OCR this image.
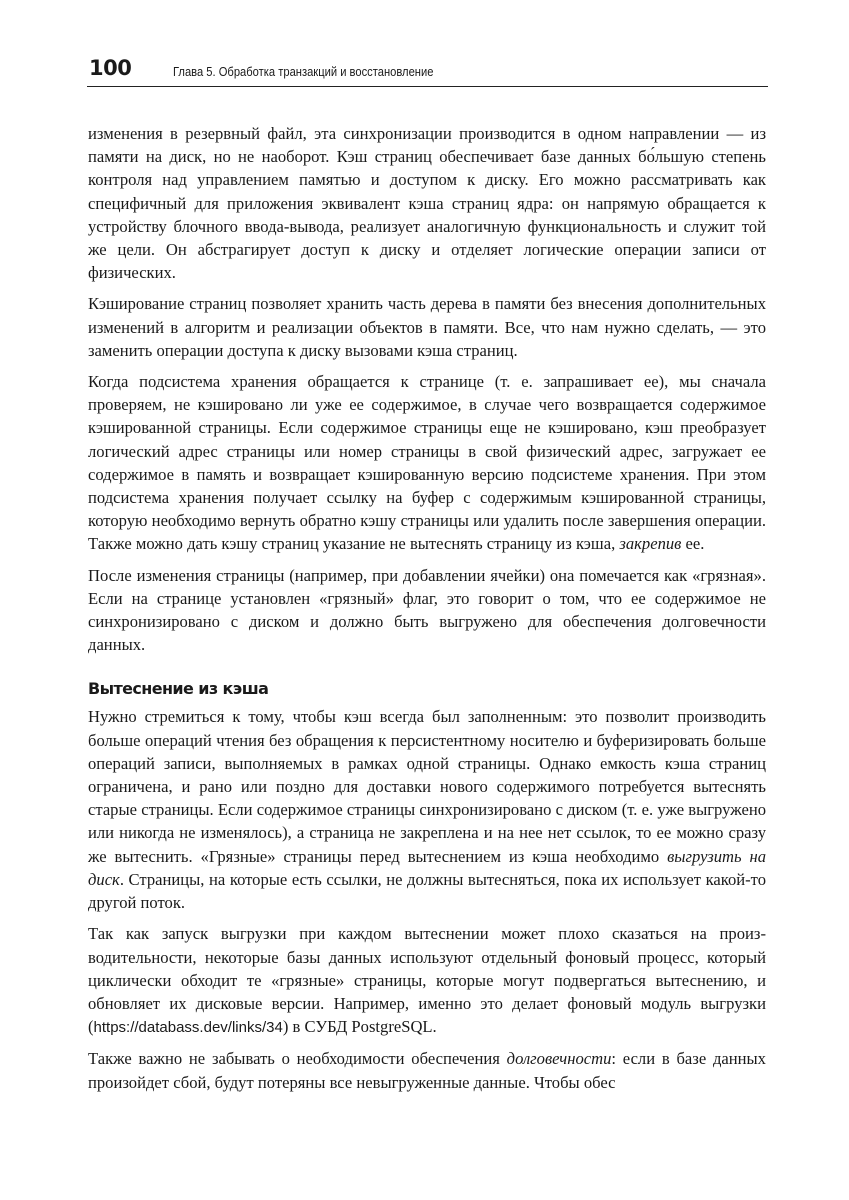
100	Глава 5. Обработка транзакций и восстановление

изменения в резервный файл, эта синхронизации производится в одном направлении — из памяти на диск, но не наоборот. Кэш страниц обеспечивает базе данных бо́льшую степень контроля над управлением памятью и доступом к диску. Его можно рассматривать как специфичный для приложения эквивалент кэша страниц ядра: он напрямую обращается к устройству блочного ввода-вывода, реализует аналогичную функциональность и служит той же цели. Он абстрагирует доступ к диску и отделяет логические операции записи от физических.

Кэширование страниц позволяет хранить часть дерева в памяти без внесения дополнительных изменений в алгоритм и реализации объектов в памяти. Все, что нам нужно сделать, — это заменить операции доступа к диску вызовами кэша страниц.

Когда подсистема хранения обращается к странице (т. е. запрашивает ее), мы сначала проверяем, не кэшировано ли уже ее содержимое, в случае чего возвращается содержимое кэшированной страницы. Если содержимое страницы еще не кэшировано, кэш преобразует логический адрес страницы или номер страницы в свой физический адрес, загружает ее содержимое в память и возвращает кэшированную версию подсистеме хранения. При этом подсистема хранения получает ссылку на буфер с содержимым кэшированной страницы, которую необходимо вернуть обратно кэшу страницы или удалить после завершения операции. Также можно дать кэшу страниц указание не вытеснять страницу из кэша, закрепив ее.

После изменения страницы (например, при добавлении ячейки) она помечается как «грязная». Если на странице установлен «грязный» флаг, это говорит о том, что ее содержимое не синхронизировано с диском и должно быть выгружено для обеспечения долговечности данных.

Вытеснение из кэша

Нужно стремиться к тому, чтобы кэш всегда был заполненным: это позволит производить больше операций чтения без обращения к персистентному носителю и буферизировать больше операций записи, выполняемых в рамках одной страницы. Однако емкость кэша страниц ограничена, и рано или поздно для доставки нового содержимого потребуется вытеснять старые страницы. Если содержимое страницы синхронизировано с диском (т. е. уже выгружено или никогда не изменялось), а страница не закреплена и на нее нет ссылок, то ее можно сразу же вытеснить. «Грязные» страницы перед вытеснением из кэша необходимо выгрузить на диск. Страницы, на которые есть ссылки, не должны вытесняться, пока их использует какой-то другой поток.

Так как запуск выгрузки при каждом вытеснении может плохо сказаться на производительности, некоторые базы данных используют отдельный фоновый процесс, который циклически обходит те «грязные» страницы, которые могут подвергаться вытеснению, и обновляет их дисковые версии. Например, именно это делает фоновый модуль выгрузки (https://databass.dev/links/34) в СУБД PostgreSQL.

Также важно не забывать о необходимости обеспечения долговечности: если в базе данных произойдет сбой, будут потеряны все невыгруженные данные. Чтобы обес
